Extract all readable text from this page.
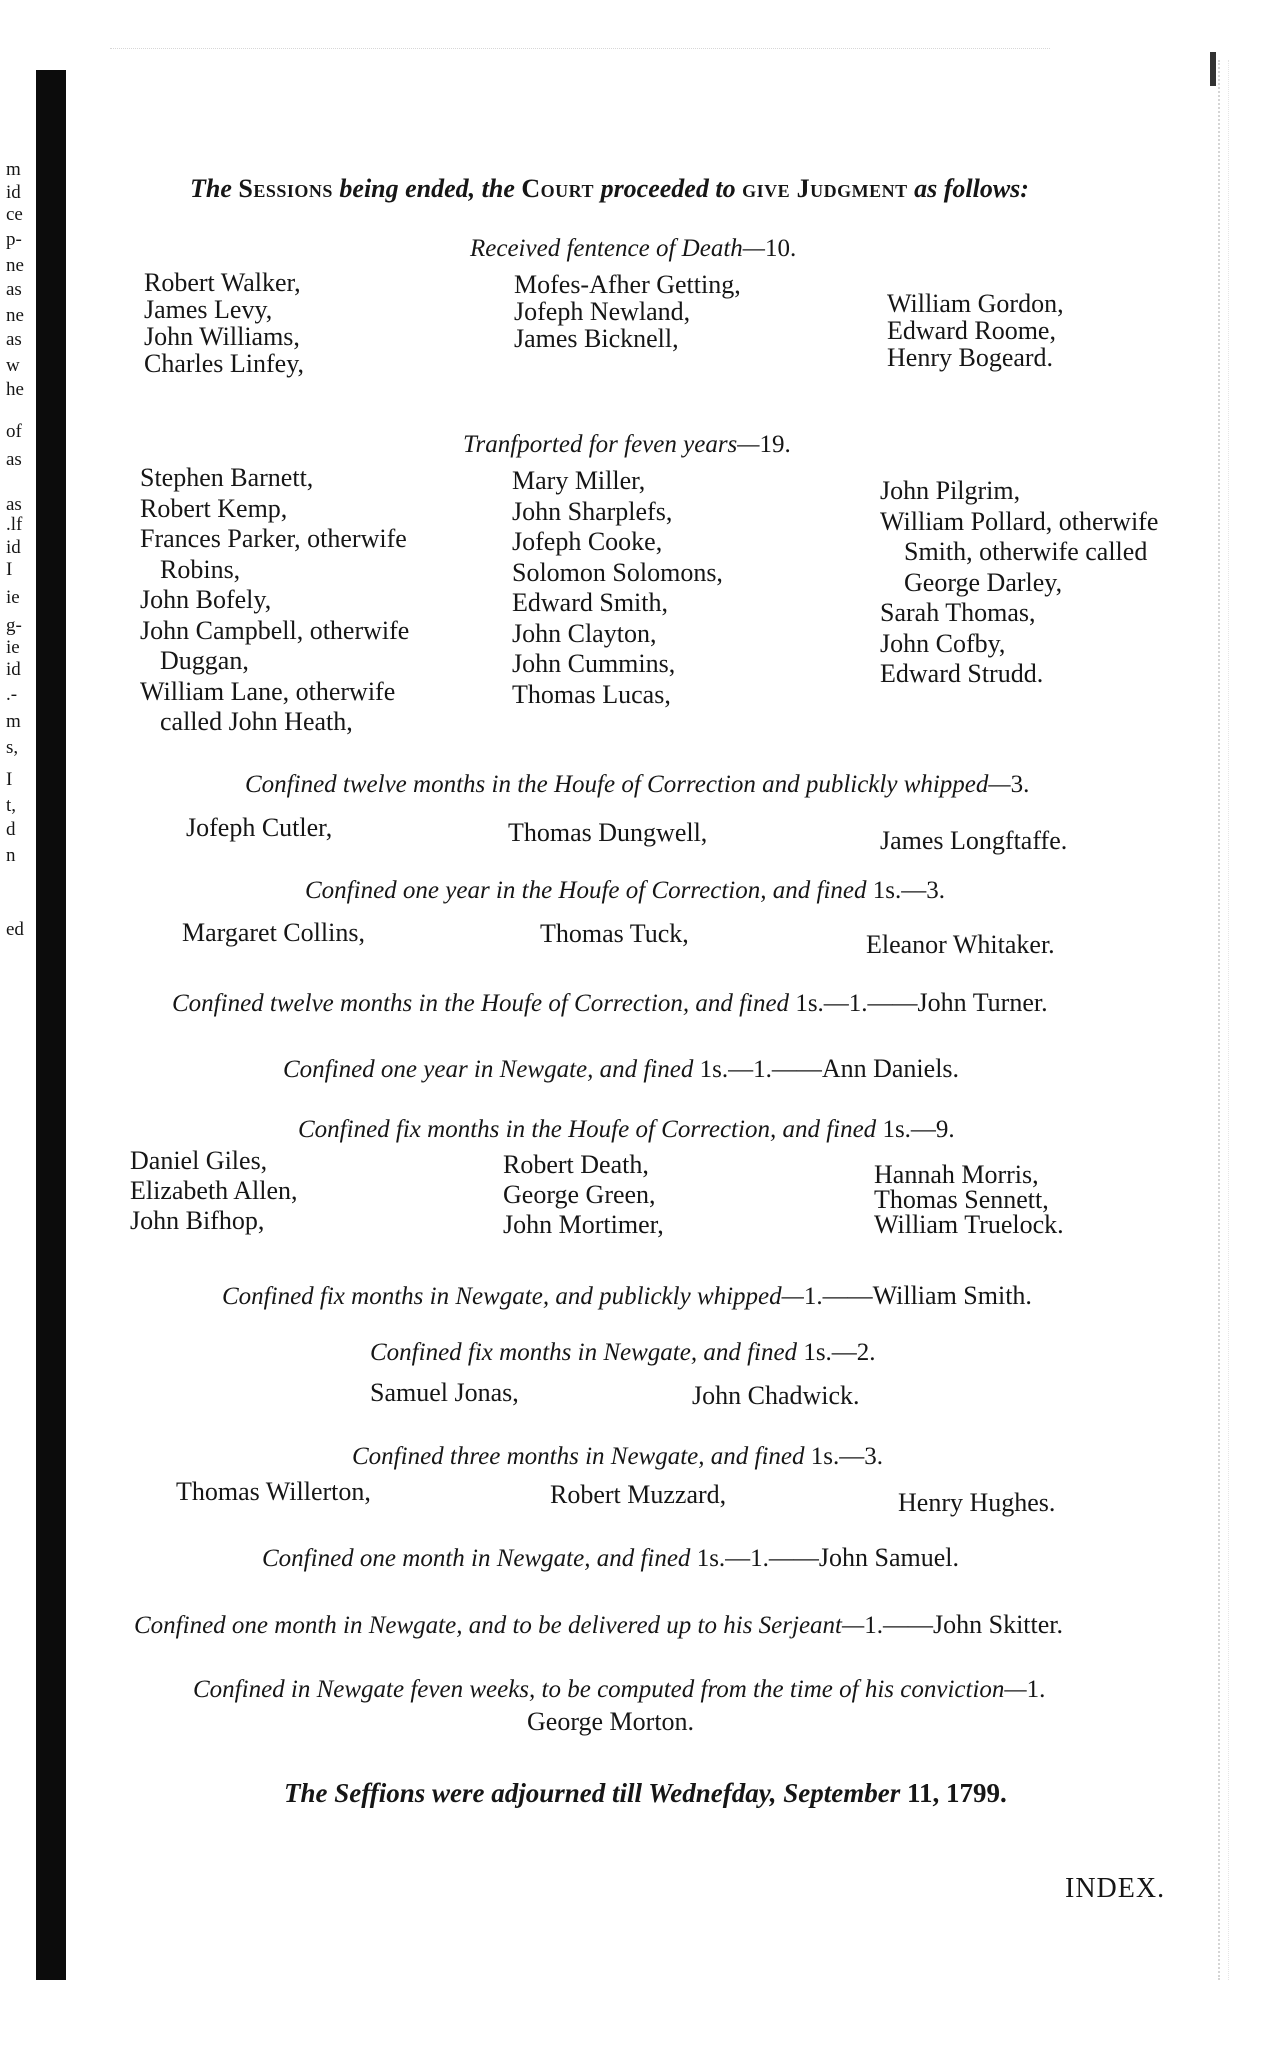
m
id
ce
p-
ne
as
ne
as
w
he
of
as
as
.lf
id
I
ie
g-
ie
id
.-
m
s,
I
t,
d
n
ed
The Sessions being ended, the Court proceeded to give Judgment as follows:
Received fentence of Death—10.
Robert Walker,
James Levy,
John Williams,
Charles Linfey,
Mofes-Afher Getting,
Jofeph Newland,
James Bicknell,
William Gordon,
Edward Roome,
Henry Bogeard.
Tranfported for feven years—19.
Stephen Barnett,
Robert Kemp,
Frances Parker, otherwife
Robins,
John Bofely,
John Campbell, otherwife
Duggan,
William Lane, otherwife
called John Heath,
Mary Miller,
John Sharplefs,
Jofeph Cooke,
Solomon Solomons,
Edward Smith,
John Clayton,
John Cummins,
Thomas Lucas,
John Pilgrim,
William Pollard, otherwife
Smith, otherwife called
George Darley,
Sarah Thomas,
John Cofby,
Edward Strudd.
Confined twelve months in the Houfe of Correction and publickly whipped—3.
Jofeph Cutler,	Thomas Dungwell,	James Longftaffe.
Confined one year in the Houfe of Correction, and fined 1s.—3.
Margaret Collins,	Thomas Tuck,	Eleanor Whitaker.
Confined twelve months in the Houfe of Correction, and fined 1s.—1.——John Turner.
Confined one year in Newgate, and fined 1s.—1.——Ann Daniels.
Confined fix months in the Houfe of Correction, and fined 1s.—9.
Daniel Giles,
Elizabeth Allen,
John Bifhop,
Robert Death,
George Green,
John Mortimer,
Hannah Morris,
Thomas Sennett,
William Truelock.
Confined fix months in Newgate, and publickly whipped—1.——William Smith.
Confined fix months in Newgate, and fined 1s.—2.
Samuel Jonas,	John Chadwick.
Confined three months in Newgate, and fined 1s.—3.
Thomas Willerton,	Robert Muzzard,	Henry Hughes.
Confined one month in Newgate, and fined 1s.—1.——John Samuel.
Confined one month in Newgate, and to be delivered up to his Serjeant—1.——John Skitter.
Confined in Newgate feven weeks, to be computed from the time of his conviction—1.
George Morton.
The Seffions were adjourned till Wednefday, September 11, 1799.
INDEX.
